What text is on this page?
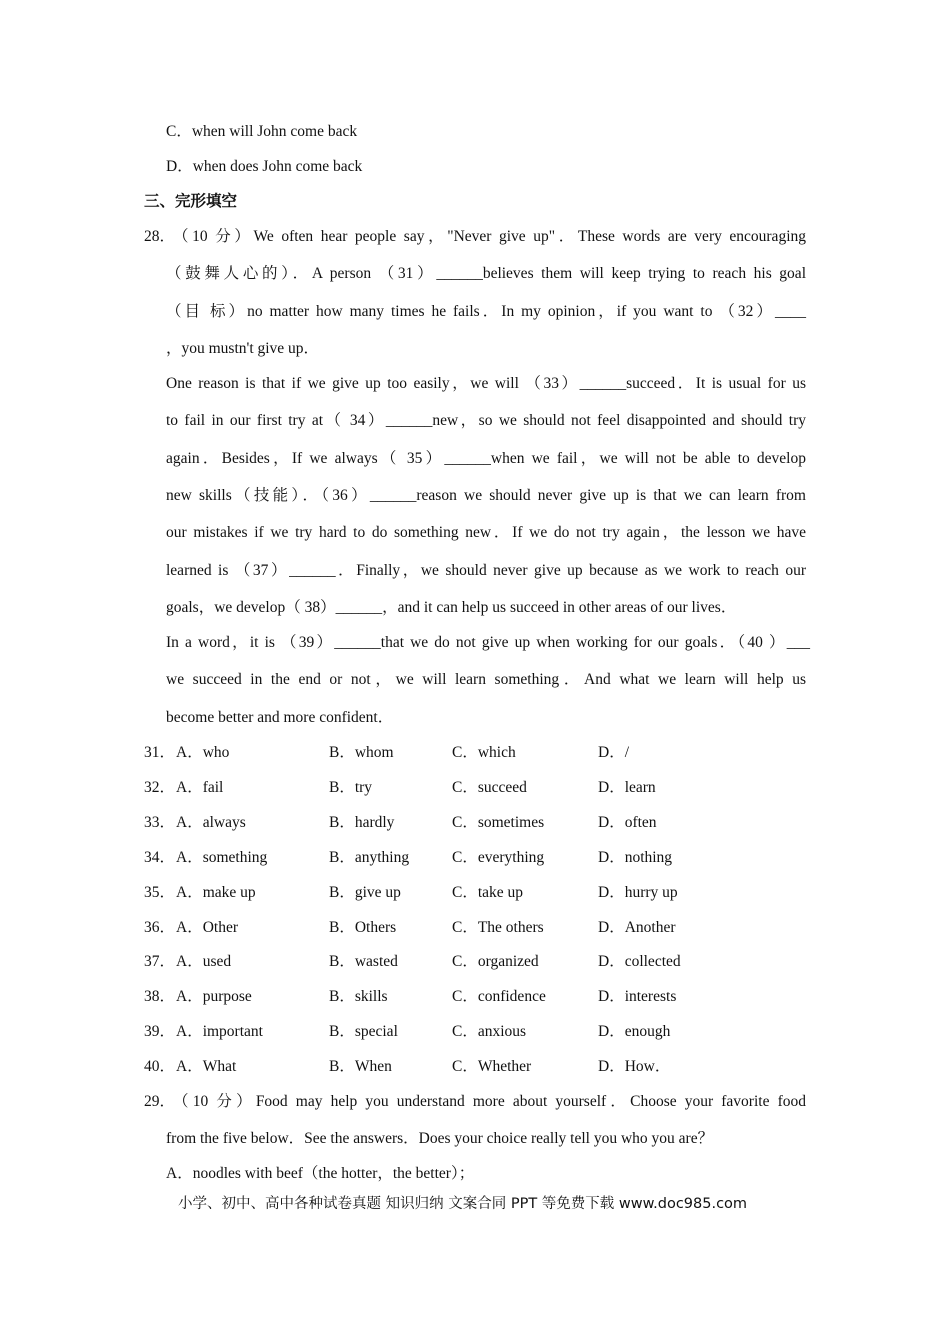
C．when will John come back
D．when does John come back
三、完形填空
28．
（10 分）We often hear people say，"Never give up"．These words are very encouraging
（鼓舞人心的）．A person （31）______believes them will keep trying to reach his goal
（目 标）no matter how many times he fails．In my opinion，if you want to （32）____
，you mustn't give up．
One reason is that if we give up too easily，we will （33）______succeed．It is usual for us
to fail in our first try at（ 34）______new，so we should not feel disappointed and should try
again．Besides，If we always（ 35）______when we fail，we will not be able to develop
new skills（技能）．（36）______reason we should never give up is that we can learn from
our mistakes if we try hard to do something new．If we do not try again，the lesson we have
learned is （37）______．Finally，we should never give up because as we work to reach our
goals，we develop（ 38）______，and it can help us succeed in other areas of our lives．
In a word，it is （39）______that we do not give up when working for our goals．（40 ）___
we succeed in the end or not，we will learn something．And what we learn will help us
become better and more confident．
31． A．who	B．whom	C．which	D．/
32． A．fail	B．try	C．succeed	D．learn
33． A．always	B．hardly	C．sometimes	D．often
34． A．something	B．anything	C．everything	D．nothing
35． A．make up	B．give up	C．take up	D．hurry up
36． A．Other	B．Others	C．The others	D．Another
37． A．used	B．wasted	C．organized	D．collected
38． A．purpose	B．skills	C．confidence	D．interests
39． A．important	B．special	C．anxious	D．enough
40． A．What	B．When	C．Whether	D．How．
29．
（10 分）Food may help you understand more about yourself．Choose your favorite food
from the five below．See the answers．Does your choice really tell you who you are？
A．noodles with beef（the hotter，the better）；
小学、初中、高中各种试卷真题 知识归纳 文案合同 PPT 等免费下载 www.doc985.com
